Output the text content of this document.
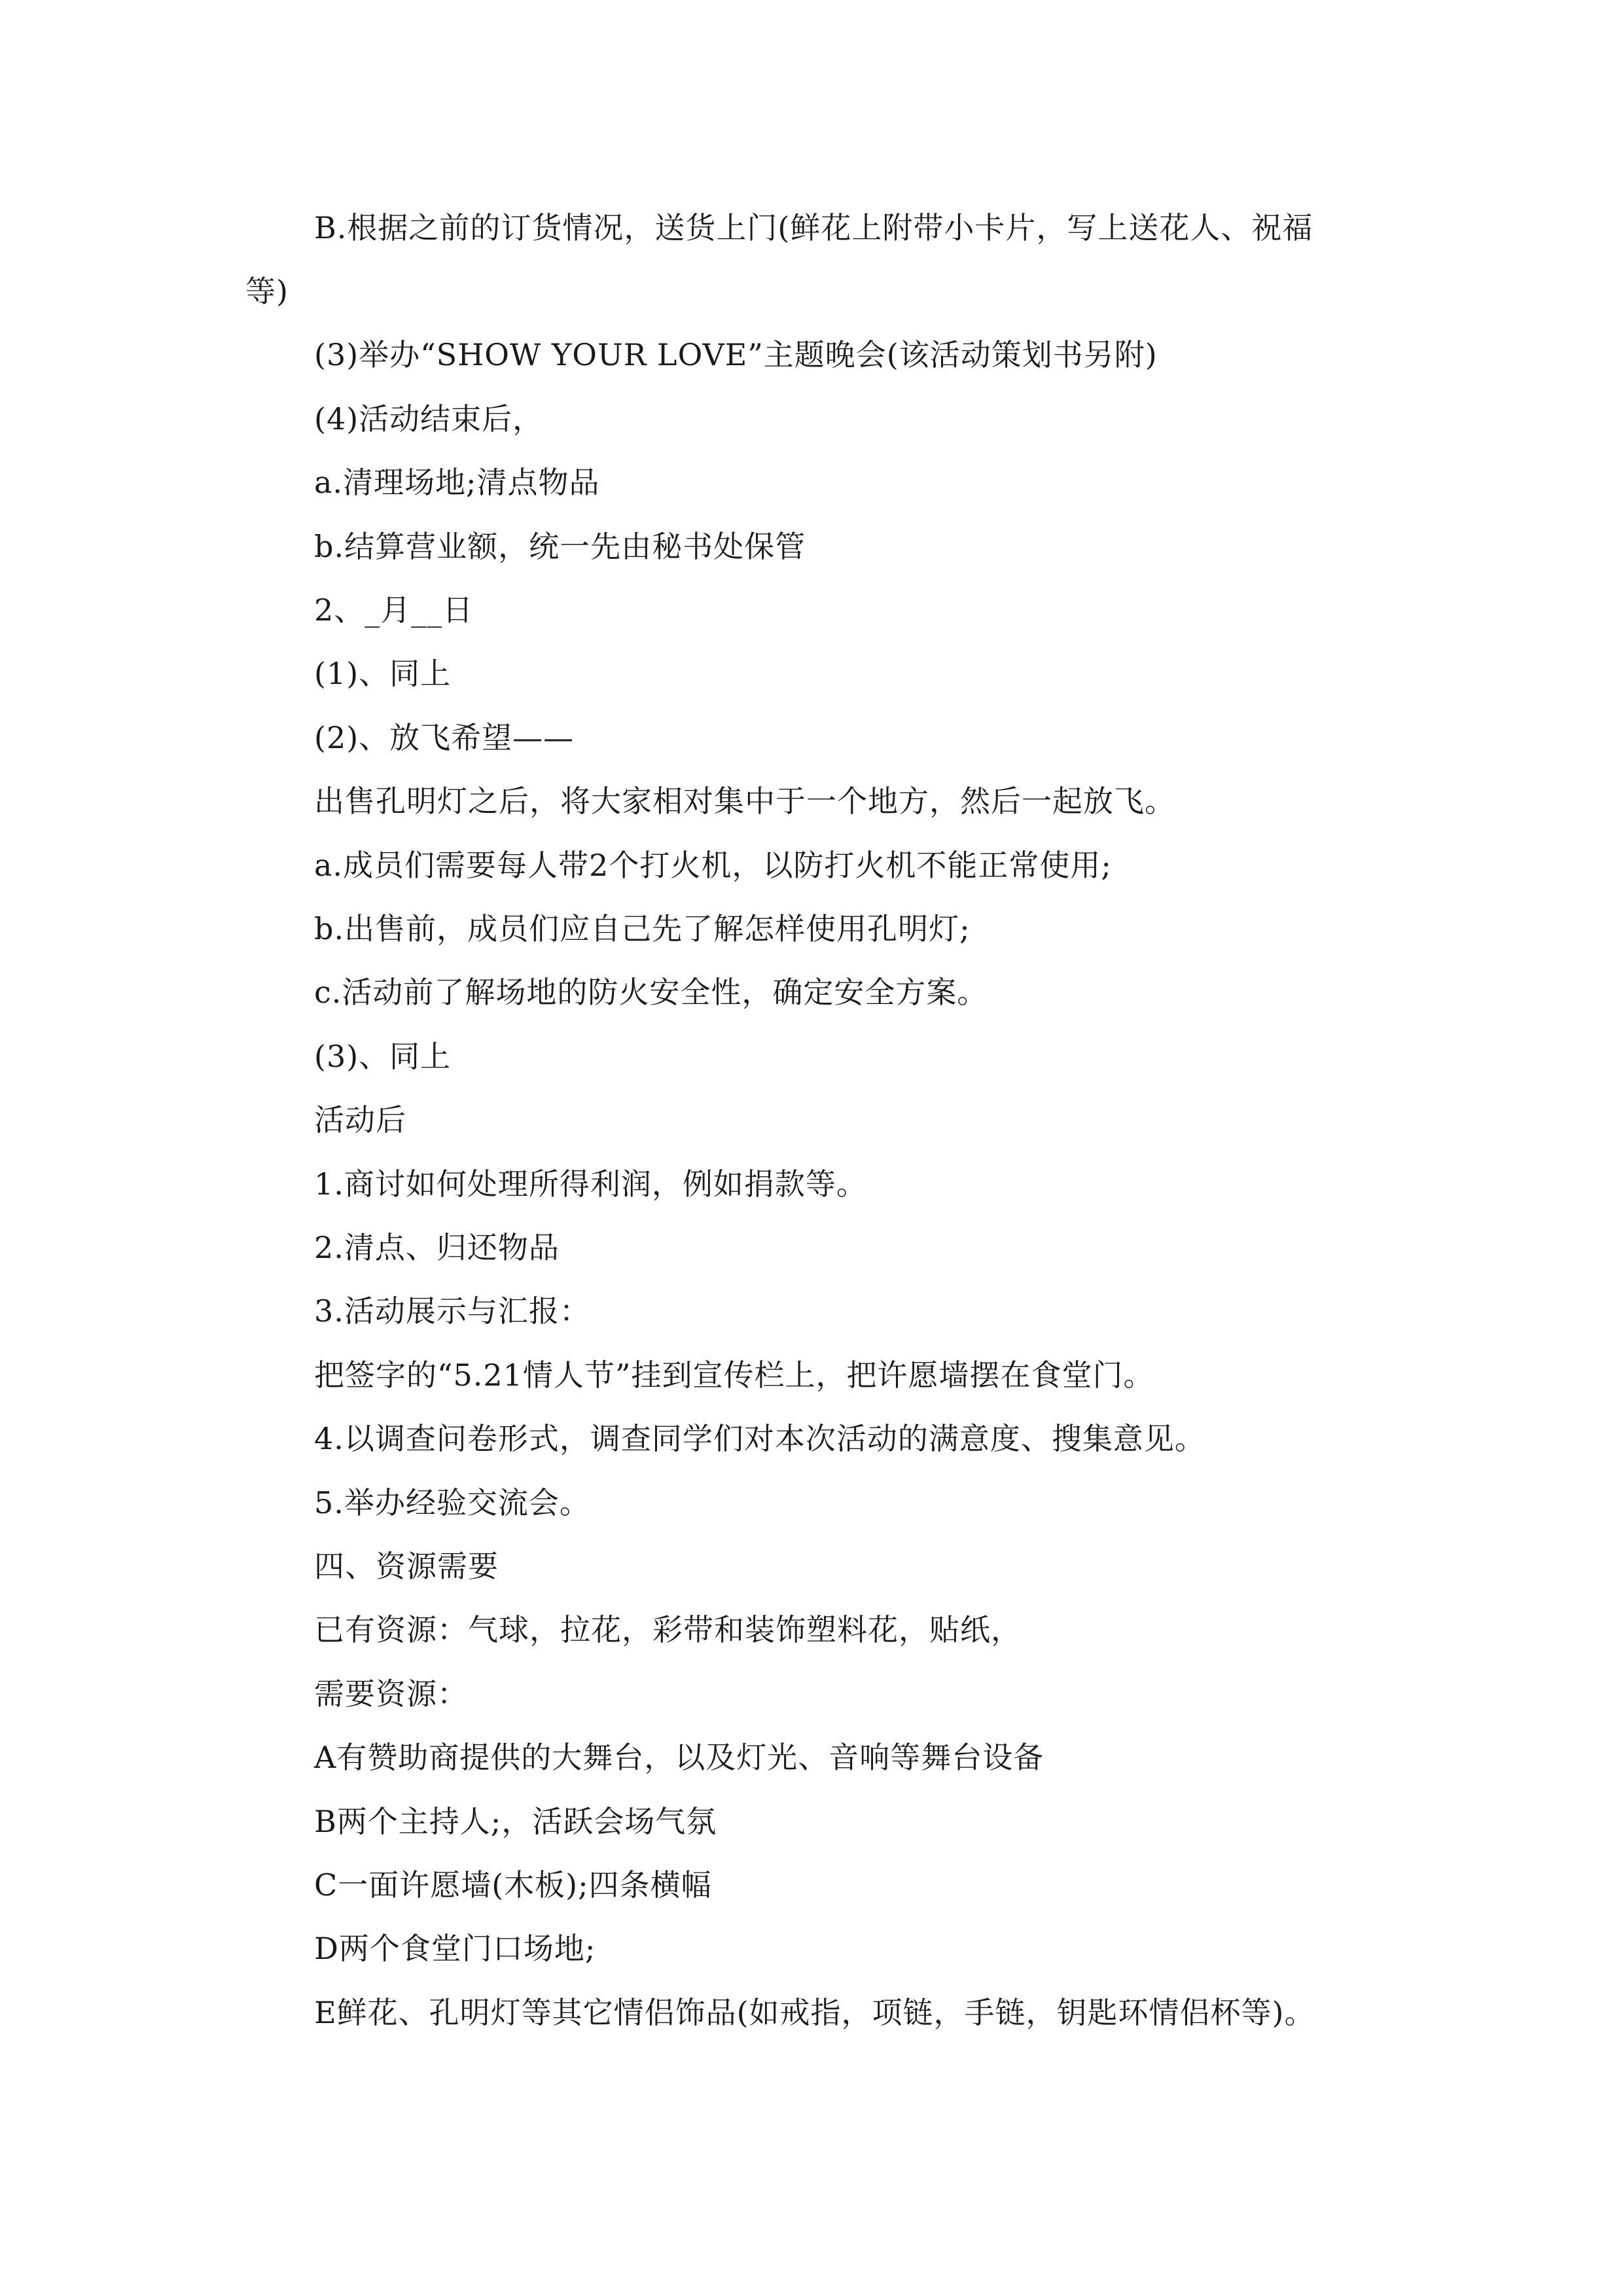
B.根据之前的订货情况，送货上门(鲜花上附带小卡片，写上送花人、祝福
等)
(3)举办“SHOW YOUR LOVE”主题晚会(该活动策划书另附)
(4)活动结束后，
a.清理场地;清点物品
b.结算营业额，统一先由秘书处保管
2、_月__日
(1)、同上
(2)、放飞希望——
出售孔明灯之后，将大家相对集中于一个地方，然后一起放飞。
a.成员们需要每人带2个打火机，以防打火机不能正常使用;
b.出售前，成员们应自己先了解怎样使用孔明灯;
c.活动前了解场地的防火安全性，确定安全方案。
(3)、同上
活动后
1.商讨如何处理所得利润，例如捐款等。
2.清点、归还物品
3.活动展示与汇报：
把签字的“5.21情人节”挂到宣传栏上，把许愿墙摆在食堂门。
4.以调查问卷形式，调查同学们对本次活动的满意度、搜集意见。
5.举办经验交流会。
四、资源需要
已有资源：气球，拉花，彩带和装饰塑料花，贴纸，
需要资源：
A有赞助商提供的大舞台，以及灯光、音响等舞台设备
B两个主持人;，活跃会场气氛
C一面许愿墙(木板);四条横幅
D两个食堂门口场地;
E鲜花、孔明灯等其它情侣饰品(如戒指，项链，手链，钥匙环情侣杯等)。
